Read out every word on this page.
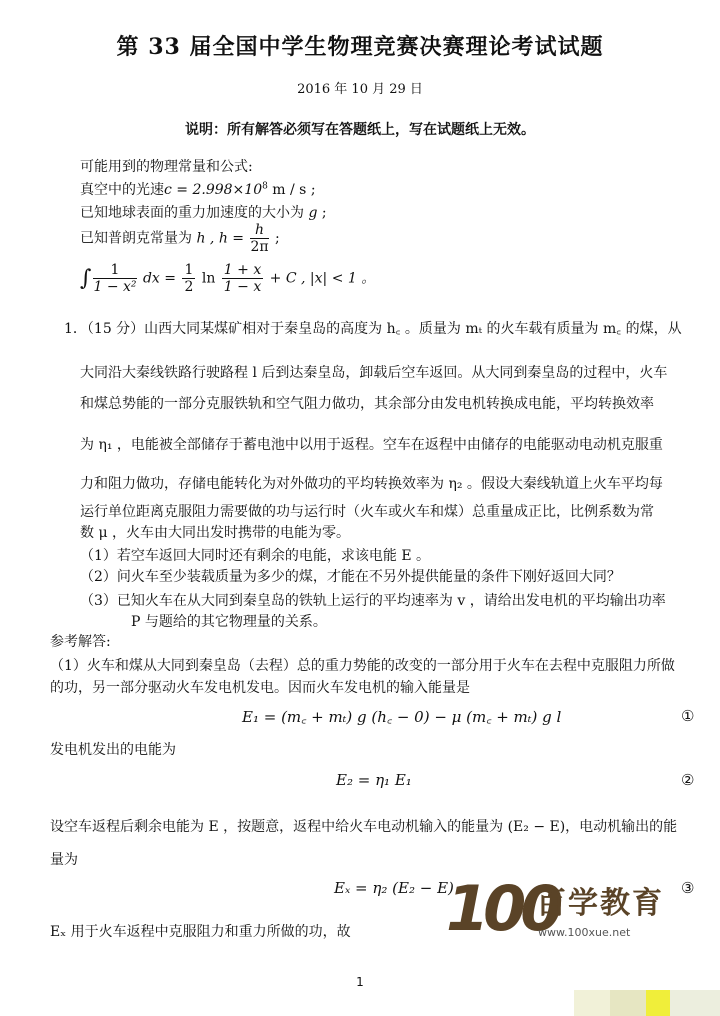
第 33 届全国中学生物理竞赛决赛理论考试试题
2016 年 10 月 29 日
说明：所有解答必须写在答题纸上，写在试题纸上无效。
可能用到的物理常量和公式:
真空中的光速$c = 2.998\times 10^8$ m / s ;
已知地球表面的重力加速度的大小为 g ;
已知普朗克常量为 h , $h = \frac{h}{2\pi}$ ;
∫ $\frac{1}{\text{1 − x²}}$ dx = $\frac{1}{2}$ $\ln \frac{1 + x}{1 - x} + C$ , |x| < 1 。
1．（15 分）山西大同某煤矿相对于秦皇岛的高度为 h꜀ 。质量为 mₜ 的火车载有质量为 m꜀ 的煤，从
大同沿大秦线铁路行驶路程 l 后到达秦皇岛，卸载后空车返回。从大同到秦皇岛的过程中，火车
和煤总势能的一部分克服铁轨和空气阻力做功，其余部分由发电机转换成电能，平均转换效率
为 η₁ ，电能被全部储存于蓄电池中以用于返程。空车在返程中由储存的电能驱动电动机克服重
力和阻力做功，存储电能转化为对外做功的平均转换效率为 η₂ 。假设大秦线轨道上火车平均每
运行单位距离克服阻力需要做的功与运行时（火车或火车和煤）总重量成正比，比例系数为常
数 μ ，火车由大同出发时携带的电能为零。
（1）若空车返回大同时还有剩余的电能，求该电能 E 。
（2）问火车至少装载质量为多少的煤，才能在不另外提供能量的条件下刚好返回大同？
（3）已知火车在从大同到秦皇岛的铁轨上运行的平均速率为 v ，请给出发电机的平均输出功率
P 与题给的其它物理量的关系。
参考解答:
（1）火车和煤从大同到秦皇岛（去程）总的重力势能的改变的一部分用于火车在去程中克服阻力所做
的功，另一部分驱动火车发电机发电。因而火车发电机的输入能量是
E₁ = (m꜀ + mₜ) g (h꜀ − 0) − μ (m꜀ + mₜ) g l	①
发电机发出的电能为
E₂ = η₁ E₁	②
设空车返程后剩余电能为 E ，按题意，返程中给火车电动机输入的能量为 (E₂ − E)，电动机输出的能
量为
Eₓ = η₂ (E₂ − E)	③
Eₓ 用于火车返程中克服阻力和重力所做的功，故 100
百学教育
www.100xue.net
1
